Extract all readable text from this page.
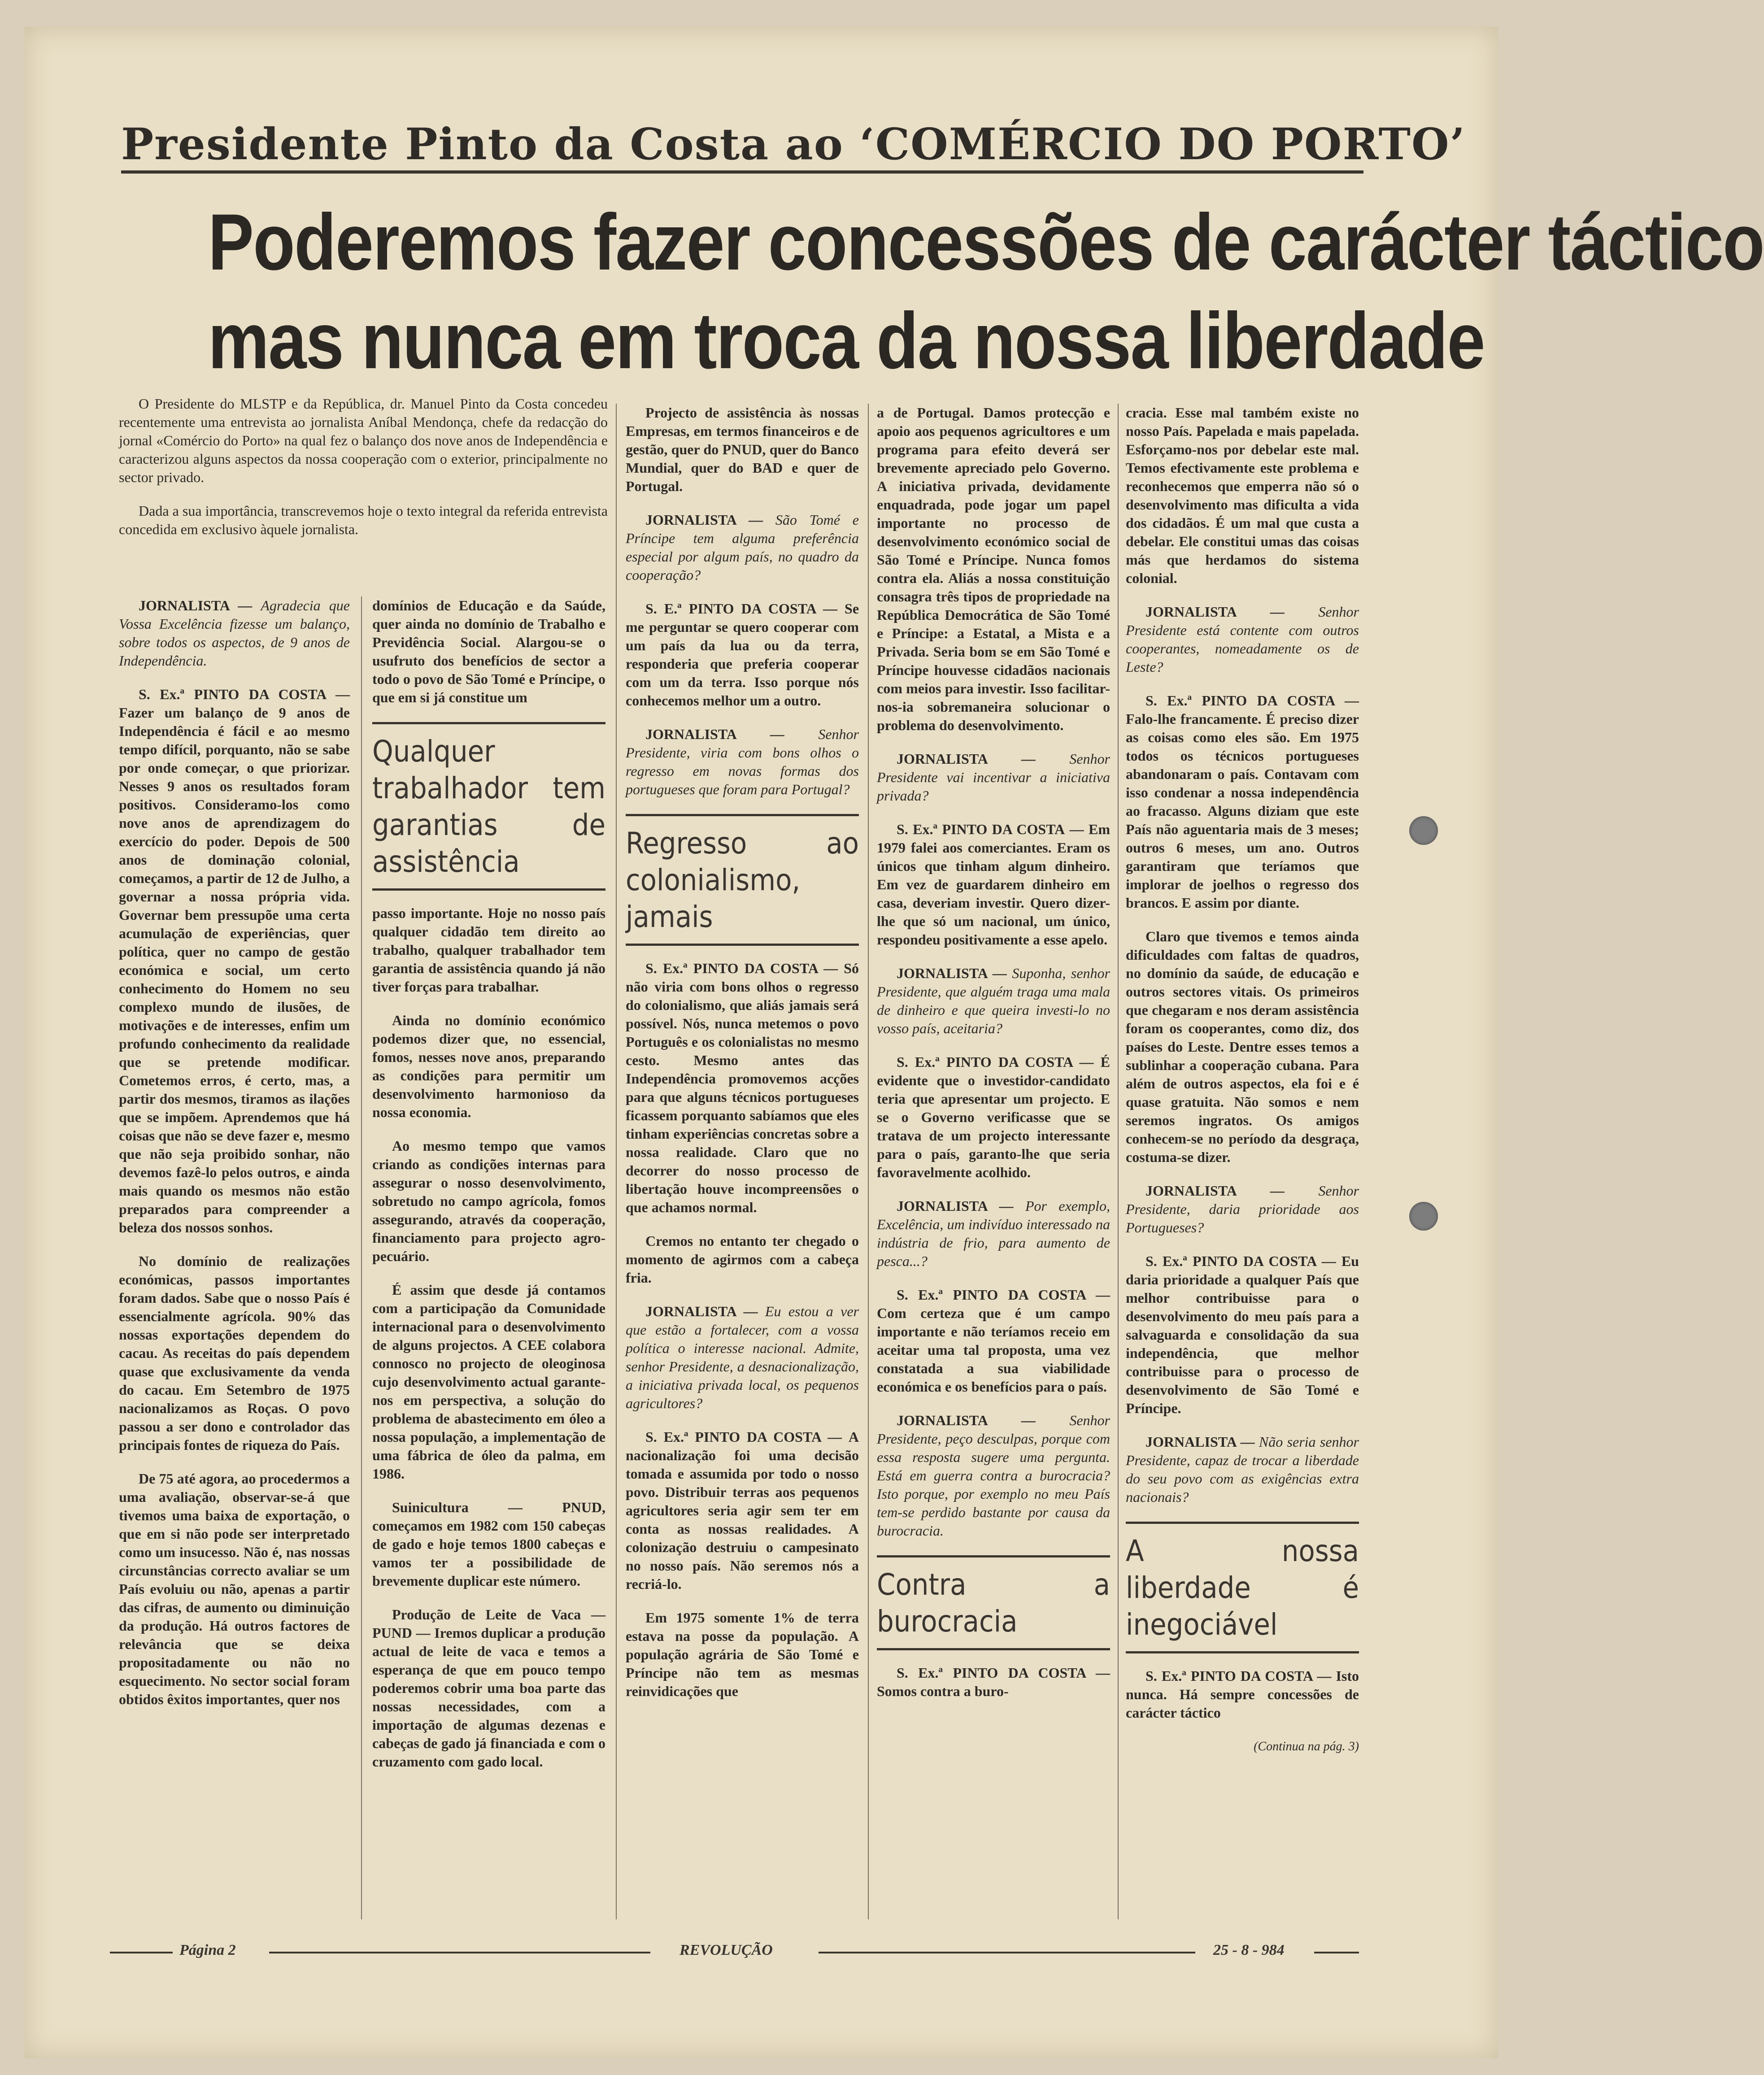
Presidente Pinto da Costa ao ‘COMÉRCIO DO PORTO’
Poderemos fazer concessões de carácter táctico
mas nunca em troca da nossa liberdade

O Presidente do MLSTP e da República, dr. Manuel Pinto da Costa concedeu recentemente uma entrevista ao jornalista Aníbal Mendonça, chefe da redacção do jornal «Comércio do Porto» na qual fez o balanço dos nove anos de Independência e caracterizou alguns aspectos da nossa cooperação com o exterior, principalmente no sector privado.

Dada a sua importância, transcrevemos hoje o texto integral da referida entrevista concedida em exclusivo àquele jornalista.

JORNALISTA — Agradecia que Vossa Excelência fizesse um balanço, sobre todos os aspectos, de 9 anos de Independência.

S. Ex.ª PINTO DA COSTA — Fazer um balanço de 9 anos de Independência é fácil e ao mesmo tempo difícil, porquanto, não se sabe por onde começar, o que priorizar. Nesses 9 anos os resultados foram positivos. Consideramo-los como nove anos de aprendizagem do exercício do poder. Depois de 500 anos de dominação colonial, começamos, a partir de 12 de Julho, a governar a nossa própria vida. Governar bem pressupõe uma certa acumulação de experiências, quer política, quer no campo de gestão económica e social, um certo conhecimento do Homem no seu complexo mundo de ilusões, de motivações e de interesses, enfim um profundo conhecimento da realidade que se pretende modificar. Cometemos erros, é certo, mas, a partir dos mesmos, tiramos as ilações que se impõem. Aprendemos que há coisas que não se deve fazer e, mesmo que não seja proibido sonhar, não devemos fazê-lo pelos outros, e ainda mais quando os mesmos não estão preparados para compreender a beleza dos nossos sonhos.

No domínio de realizações económicas, passos importantes foram dados. Sabe que o nosso País é essencialmente agrícola. 90% das nossas exportações dependem do cacau. As receitas do país dependem quase que exclusivamente da venda do cacau. Em Setembro de 1975 nacionalizamos as Roças. O povo passou a ser dono e controlador das principais fontes de riqueza do País.

De 75 até agora, ao procedermos a uma avaliação, observar-se-á que tivemos uma baixa de exportação, o que em si não pode ser interpretado como um insucesso. Não é, nas nossas circunstâncias correcto avaliar se um País evoluiu ou não, apenas a partir das cifras, de aumento ou diminuição da produção. Há outros factores de relevância que se deixa propositadamente ou não no esquecimento. No sector social foram obtidos êxitos importantes, quer nos

domínios de Educação e da Saúde, quer ainda no domínio de Trabalho e Previdência Social. Alargou-se o usufruto dos benefícios de sector a todo o povo de São Tomé e Príncipe, o que em si já constitue um

Qualquer trabalhador tem garantias de assistência

passo importante. Hoje no nosso país qualquer cidadão tem direito ao trabalho, qualquer trabalhador tem garantia de assistência quando já não tiver forças para trabalhar.

Ainda no domínio económico podemos dizer que, no essencial, fomos, nesses nove anos, preparando as condições para permitir um desenvolvimento harmonioso da nossa economia.

Ao mesmo tempo que vamos criando as condições internas para assegurar o nosso desenvolvimento, sobretudo no campo agrícola, fomos assegurando, através da cooperação, financiamento para projecto agro-pecuário.

É assim que desde já contamos com a participação da Comunidade internacional para o desenvolvimento de alguns projectos. A CEE colabora connosco no projecto de oleoginosa cujo desenvolvimento actual garante-nos em perspectiva, a solução do problema de abastecimento em óleo a nossa população, a implementação de uma fábrica de óleo da palma, em 1986.

Suinicultura — PNUD, começamos em 1982 com 150 cabeças de gado e hoje temos 1800 cabeças e vamos ter a possibilidade de brevemente duplicar este número.

Produção de Leite de Vaca — PUND — Iremos duplicar a produção actual de leite de vaca e temos a esperança de que em pouco tempo poderemos cobrir uma boa parte das nossas necessidades, com a importação de algumas dezenas e cabeças de gado já financiada e com o cruzamento com gado local.

Projecto de assistência às nossas Empresas, em termos financeiros e de gestão, quer do PNUD, quer do Banco Mundial, quer do BAD e quer de Portugal.

JORNALISTA — São Tomé e Príncipe tem alguma preferência especial por algum país, no quadro da cooperação?

S. E.ª PINTO DA COSTA — Se me perguntar se quero cooperar com um país da lua ou da terra, responderia que preferia cooperar com um da terra. Isso porque nós conhecemos melhor um a outro.

JORNALISTA — Senhor Presidente, viria com bons olhos o regresso em novas formas dos portugueses que foram para Portugal?

Regresso ao colonialismo, jamais

S. Ex.ª PINTO DA COSTA — Só não viria com bons olhos o regresso do colonialismo, que aliás jamais será possível. Nós, nunca metemos o povo Português e os colonialistas no mesmo cesto. Mesmo antes das Independência promovemos acções para que alguns técnicos portugueses ficassem porquanto sabíamos que eles tinham experiências concretas sobre a nossa realidade. Claro que no decorrer do nosso processo de libertação houve incompreensões o que achamos normal.

Cremos no entanto ter chegado o momento de agirmos com a cabeça fria.

JORNALISTA — Eu estou a ver que estão a fortalecer, com a vossa política o interesse nacional. Admite, senhor Presidente, a desnacionalização, a iniciativa privada local, os pequenos agricultores?

S. Ex.ª PINTO DA COSTA — A nacionalização foi uma decisão tomada e assumida por todo o nosso povo. Distribuir terras aos pequenos agricultores seria agir sem ter em conta as nossas realidades. A colonização destruiu o campesinato no nosso país. Não seremos nós a recriá-lo.

Em 1975 somente 1% de terra estava na posse da população. A população agrária de São Tomé e Príncipe não tem as mesmas reinvidicações que

a de Portugal. Damos protecção e apoio aos pequenos agricultores e um programa para efeito deverá ser brevemente apreciado pelo Governo. A iniciativa privada, devidamente enquadrada, pode jogar um papel importante no processo de desenvolvimento económico social de São Tomé e Príncipe. Nunca fomos contra ela. Aliás a nossa constituição consagra três tipos de propriedade na República Democrática de São Tomé e Príncipe: a Estatal, a Mista e a Privada. Seria bom se em São Tomé e Príncipe houvesse cidadãos nacionais com meios para investir. Isso facilitar-nos-ia sobremaneira solucionar o problema do desenvolvimento.

JORNALISTA — Senhor Presidente vai incentivar a iniciativa privada?

S. Ex.ª PINTO DA COSTA — Em 1979 falei aos comerciantes. Eram os únicos que tinham algum dinheiro. Em vez de guardarem dinheiro em casa, deveriam investir. Quero dizer-lhe que só um nacional, um único, respondeu positivamente a esse apelo.

JORNALISTA — Suponha, senhor Presidente, que alguém traga uma mala de dinheiro e que queira investi-lo no vosso país, aceitaria?

S. Ex.ª PINTO DA COSTA — É evidente que o investidor-candidato teria que apresentar um projecto. E se o Governo verificasse que se tratava de um projecto interessante para o país, garanto-lhe que seria favoravelmente acolhido.

JORNALISTA — Por exemplo, Excelência, um indivíduo interessado na indústria de frio, para aumento de pesca...?

S. Ex.ª PINTO DA COSTA — Com certeza que é um campo importante e não teríamos receio em aceitar uma tal proposta, uma vez constatada a sua viabilidade económica e os benefícios para o país.

JORNALISTA — Senhor Presidente, peço desculpas, porque com essa resposta sugere uma pergunta. Está em guerra contra a burocracia? Isto porque, por exemplo no meu País tem-se perdido bastante por causa da burocracia.

Contra a burocracia

S. Ex.ª PINTO DA COSTA — Somos contra a buro-

cracia. Esse mal também existe no nosso País. Papelada e mais papelada. Esforçamo-nos por debelar este mal. Temos efectivamente este problema e reconhecemos que emperra não só o desenvolvimento mas dificulta a vida dos cidadãos. É um mal que custa a debelar. Ele constitui umas das coisas más que herdamos do sistema colonial.

JORNALISTA — Senhor Presidente está contente com outros cooperantes, nomeadamente os de Leste?

S. Ex.ª PINTO DA COSTA — Falo-lhe francamente. É preciso dizer as coisas como eles são. Em 1975 todos os técnicos portugueses abandonaram o país. Contavam com isso condenar a nossa independência ao fracasso. Alguns diziam que este País não aguentaria mais de 3 meses; outros 6 meses, um ano. Outros garantiram que teríamos que implorar de joelhos o regresso dos brancos. E assim por diante.

Claro que tivemos e temos ainda dificuldades com faltas de quadros, no domínio da saúde, de educação e outros sectores vitais. Os primeiros que chegaram e nos deram assistência foram os cooperantes, como diz, dos países do Leste. Dentre esses temos a sublinhar a cooperação cubana. Para além de outros aspectos, ela foi e é quase gratuita. Não somos e nem seremos ingratos. Os amigos conhecem-se no período da desgraça, costuma-se dizer.

JORNALISTA — Senhor Presidente, daria prioridade aos Portugueses?

S. Ex.ª PINTO DA COSTA — Eu daria prioridade a qualquer País que melhor contribuisse para o desenvolvimento do meu país para a salvaguarda e consolidação da sua independência, que melhor contribuisse para o processo de desenvolvimento de São Tomé e Príncipe.

JORNALISTA — Não seria senhor Presidente, capaz de trocar a liberdade do seu povo com as exigências extra nacionais?

A nossa liberdade é inegociável

S. Ex.ª PINTO DA COSTA — Isto nunca. Há sempre concessões de carácter táctico

(Continua na pág. 3)

Página 2	REVOLUÇÃO	25 - 8 - 984
